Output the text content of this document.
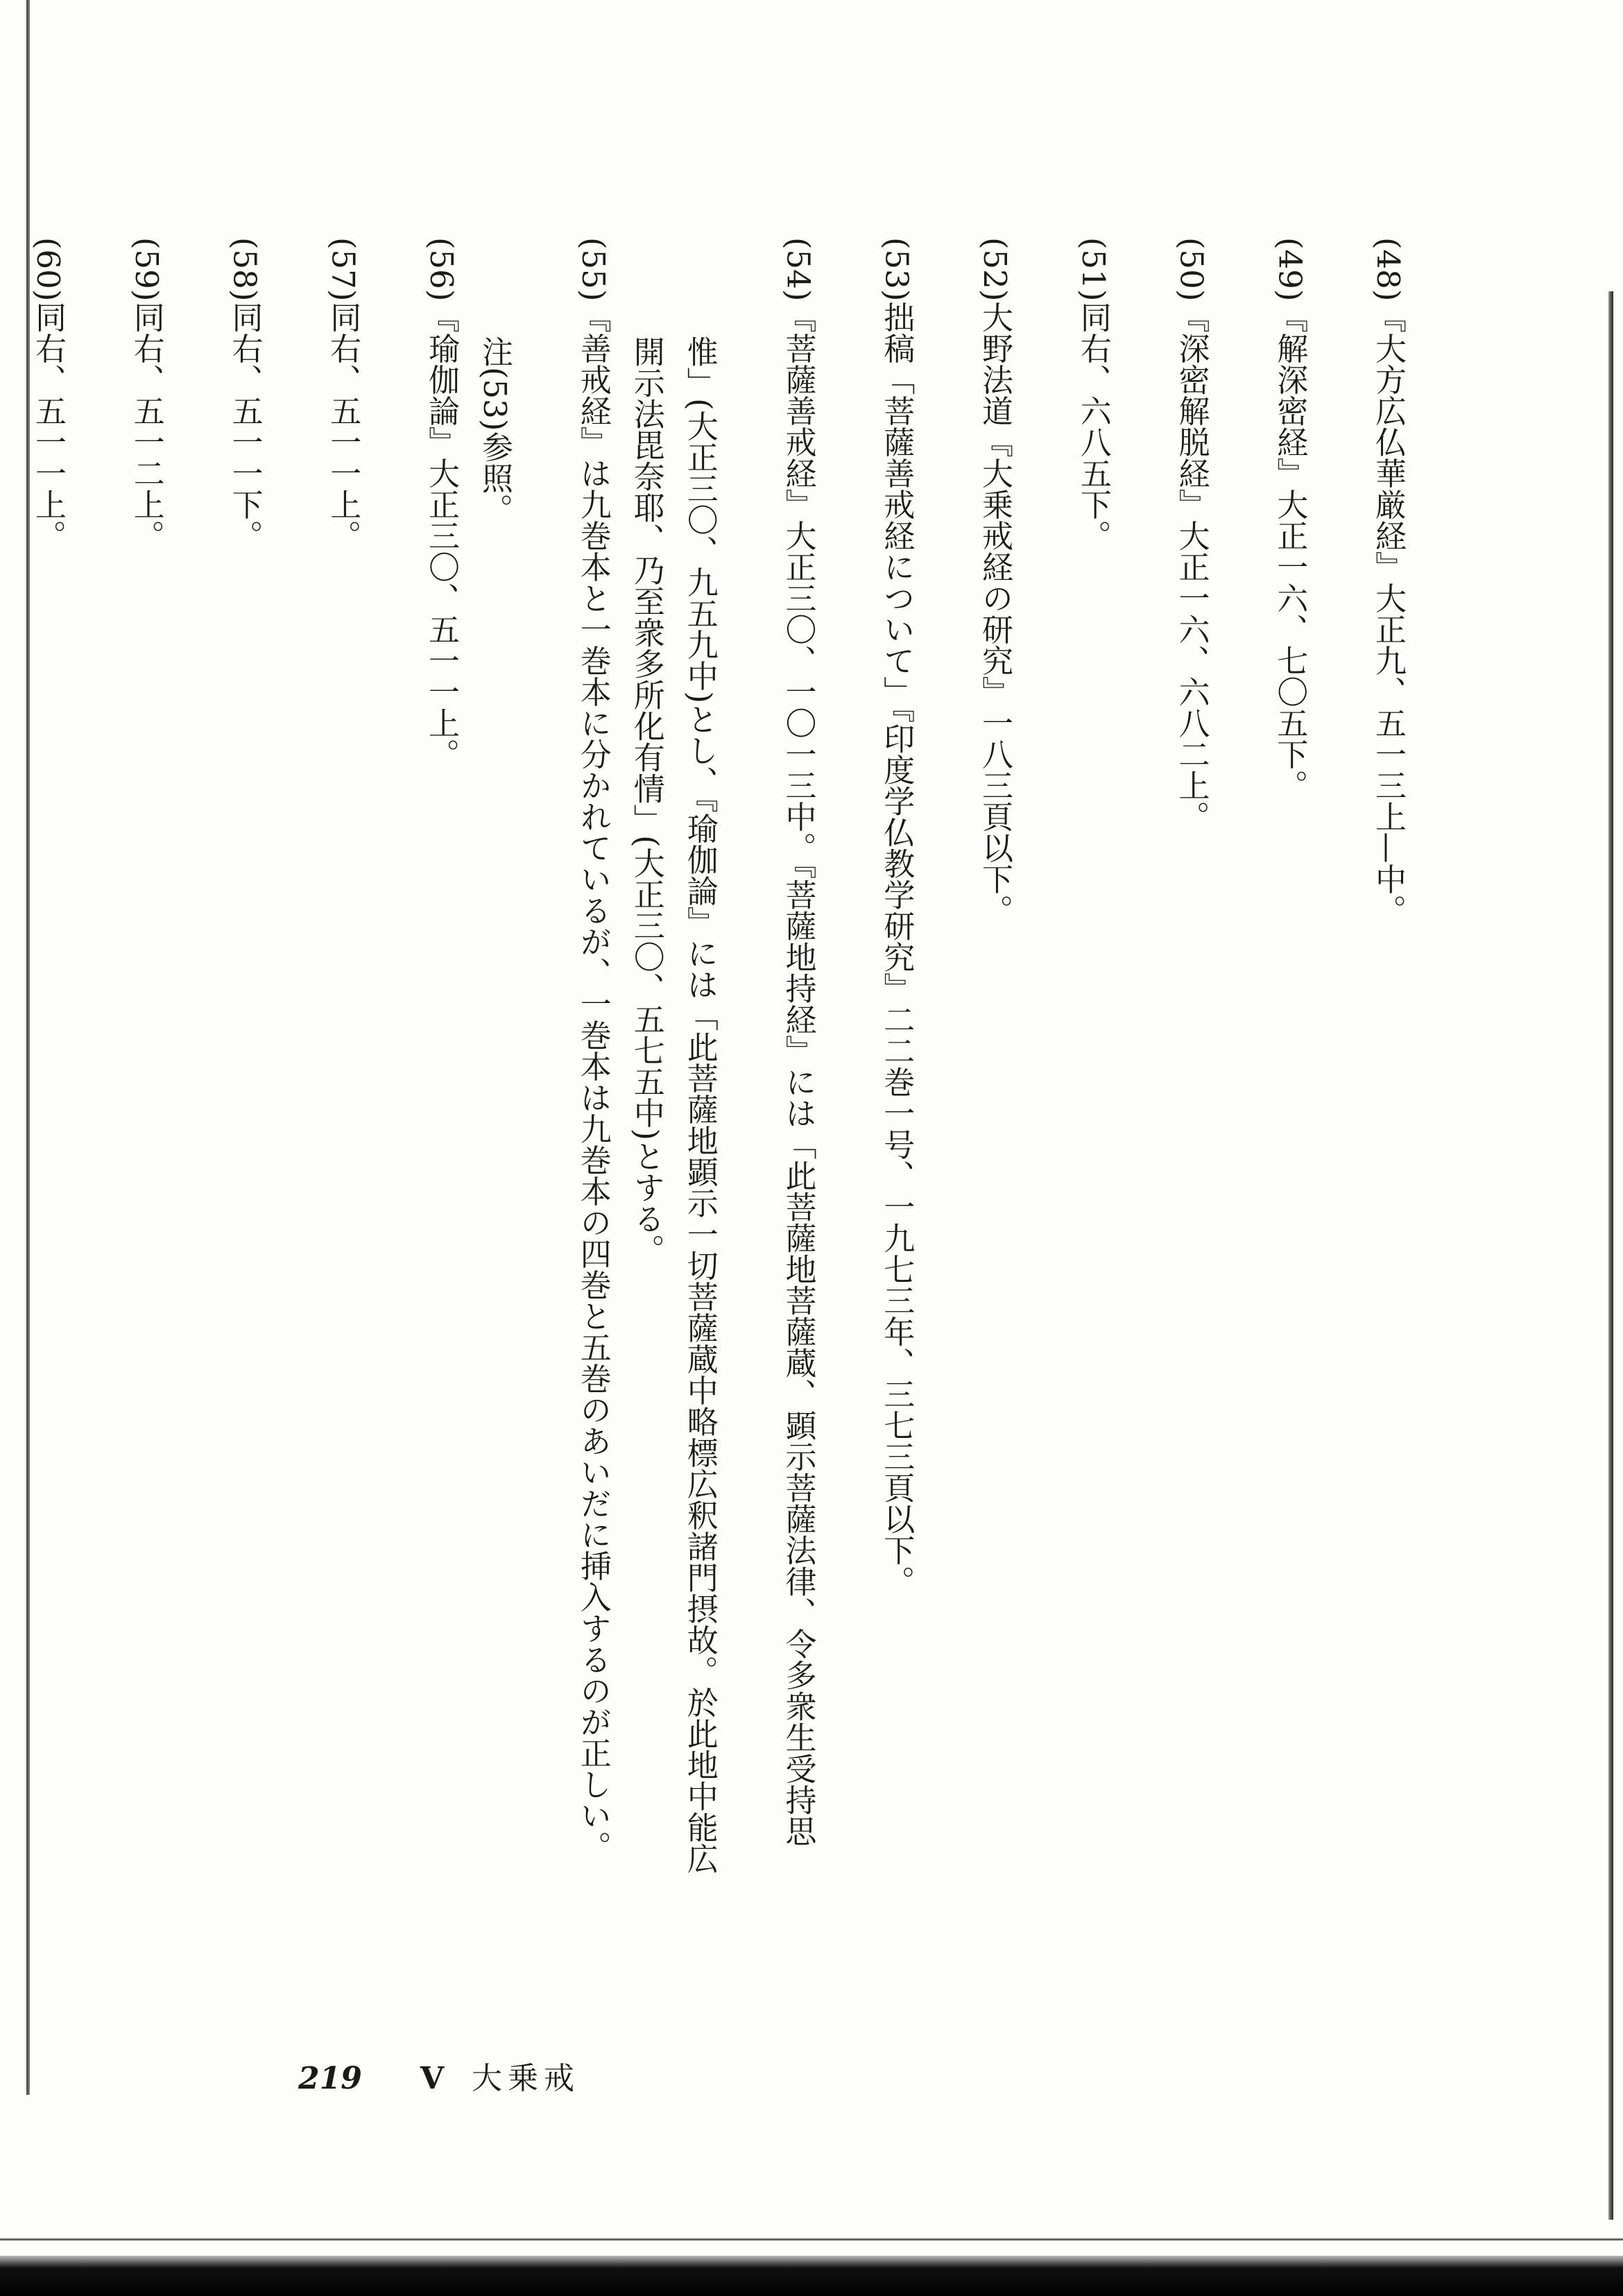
(48)『大方広仏華厳経』大正九、五一三上—中。

(49)『解深密経』大正一六、七〇五下。

(50)『深密解脱経』大正一六、六八二上。

(51)同右、六八五下。

(52)大野法道『大乗戒経の研究』一八三頁以下。

(53)拙稿「菩薩善戒経について」『印度学仏教学研究』二二巻一号、一九七三年、三七三頁以下。

(54)『菩薩善戒経』大正三〇、一〇一三中。『菩薩地持経』には「此菩薩地菩薩蔵、顕示菩薩法律、令多衆生受持思惟」(大正三〇、九五九中)とし、『瑜伽論』には「此菩薩地顕示一切菩薩蔵中略標広釈諸門摂故。於此地中能広開示法毘奈耶、乃至衆多所化有情」(大正三〇、五七五中)とする。

(55)『善戒経』は九巻本と一巻本に分かれているが、一巻本は九巻本の四巻と五巻のあいだに挿入するのが正しい。注(53)参照。

(56)『瑜伽論』大正三〇、五一一上。

(57)同右、五一一上。

(58)同右、五一一下。

(59)同右、五一二上。

(60)同右、五一一上。

219 V 大乗戒
